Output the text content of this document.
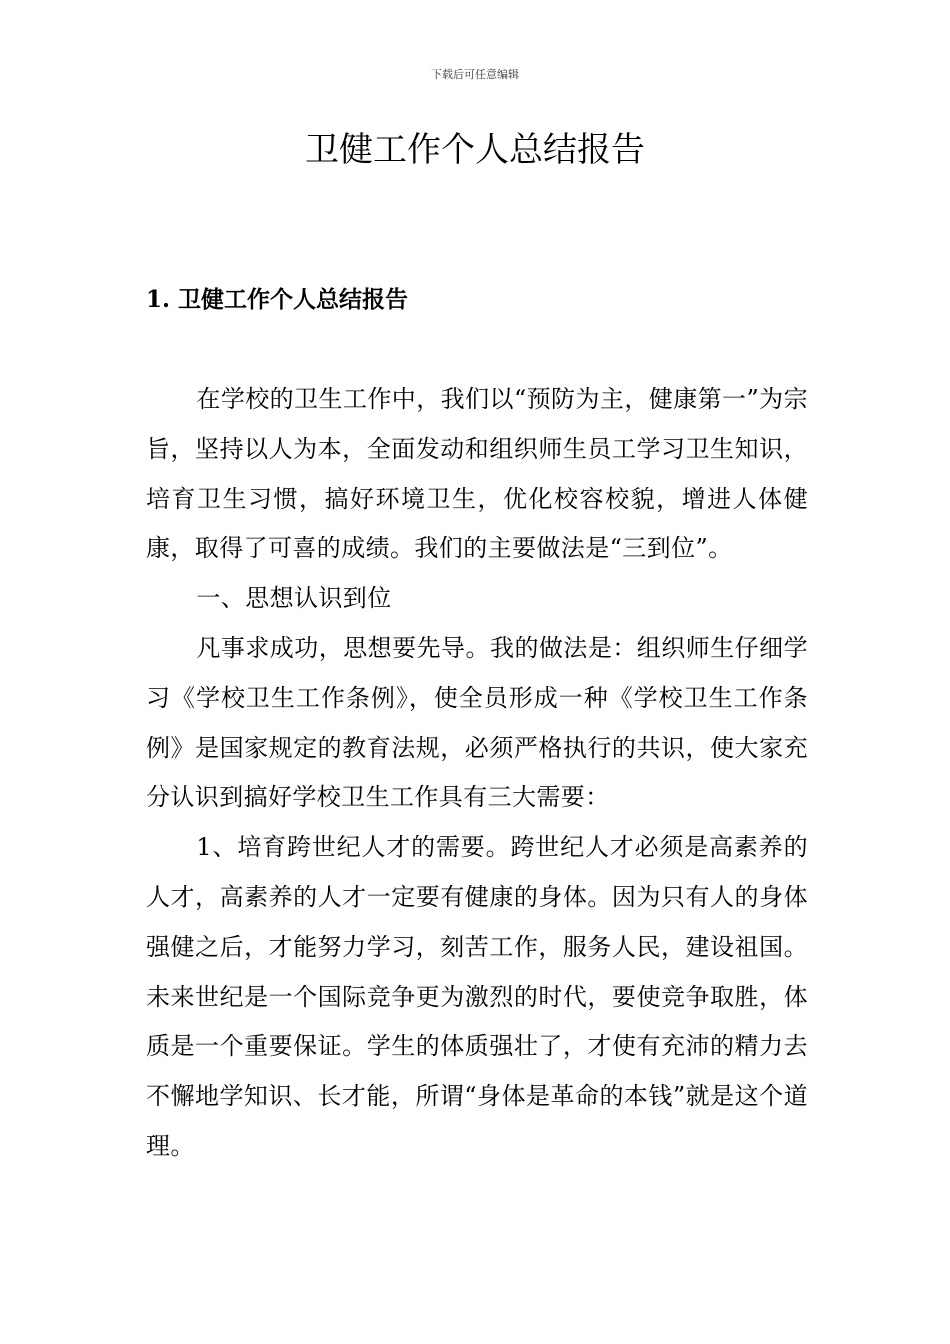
下载后可任意编辑
卫健工作个人总结报告
1. 卫健工作个人总结报告

在学校的卫生工作中，我们以“预防为主，健康第一”为宗旨，坚持以人为本，全面发动和组织师生员工学习卫生知识，培育卫生习惯，搞好环境卫生，优化校容校貌，增进人体健康，取得了可喜的成绩。我们的主要做法是“三到位”。

一、思想认识到位

凡事求成功，思想要先导。我的做法是：组织师生仔细学习《学校卫生工作条例》，使全员形成一种《学校卫生工作条例》是国家规定的教育法规，必须严格执行的共识，使大家充分认识到搞好学校卫生工作具有三大需要：

1、培育跨世纪人才的需要。跨世纪人才必须是高素养的人才，高素养的人才一定要有健康的身体。因为只有人的身体强健之后，才能努力学习，刻苦工作，服务人民，建设祖国。未来世纪是一个国际竞争更为激烈的时代，要使竞争取胜，体质是一个重要保证。学生的体质强壮了，才使有充沛的精力去不懈地学知识、长才能，所谓“身体是革命的本钱”就是这个道理。
